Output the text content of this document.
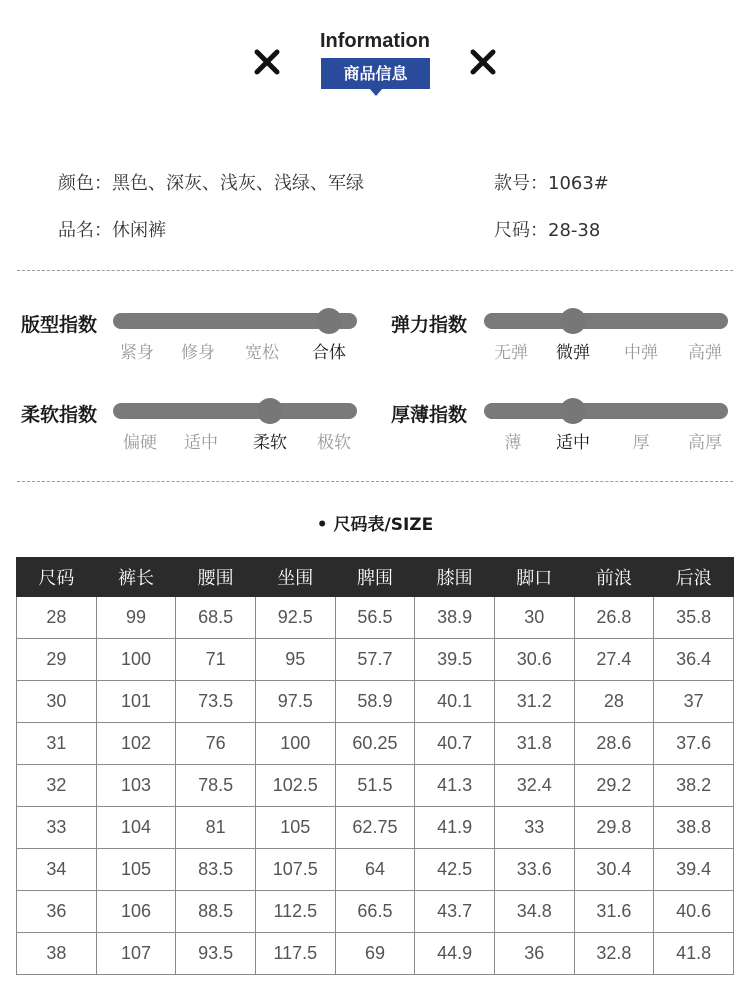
Information
商品信息
颜色：黑色、深灰、浅灰、浅绿、军绿	款号：1063#
品名：休闲裤	尺码：28-38
版型指数
紧身 修身 宽松 合体
弹力指数
无弹 微弹 中弹 高弹
柔软指数
偏硬 适中 柔软 极软
厚薄指数
薄 适中	厚 高厚
• 尺码表/SIZE
尺码	裤长	腰围	坐围	脾围	膝围	脚口	前浪	后浪
28	99	68.5	92.5	56.5	38.9	30	26.8	35.8
29	100	71	95	57.7	39.5	30.6	27.4	36.4
30	101	73.5	97.5	58.9	40.1	31.2	28	37
31	102	76	100	60.25	40.7	31.8	28.6	37.6
32	103	78.5	102.5	51.5	41.3	32.4	29.2	38.2
33	104	81	105	62.75	41.9	33	29.8	38.8
34	105	83.5	107.5	64	42.5	33.6	30.4	39.4
36	106	88.5	112.5	66.5	43.7	34.8	31.6	40.6
38	107	93.5	117.5	69	44.9	36	32.8	41.8
